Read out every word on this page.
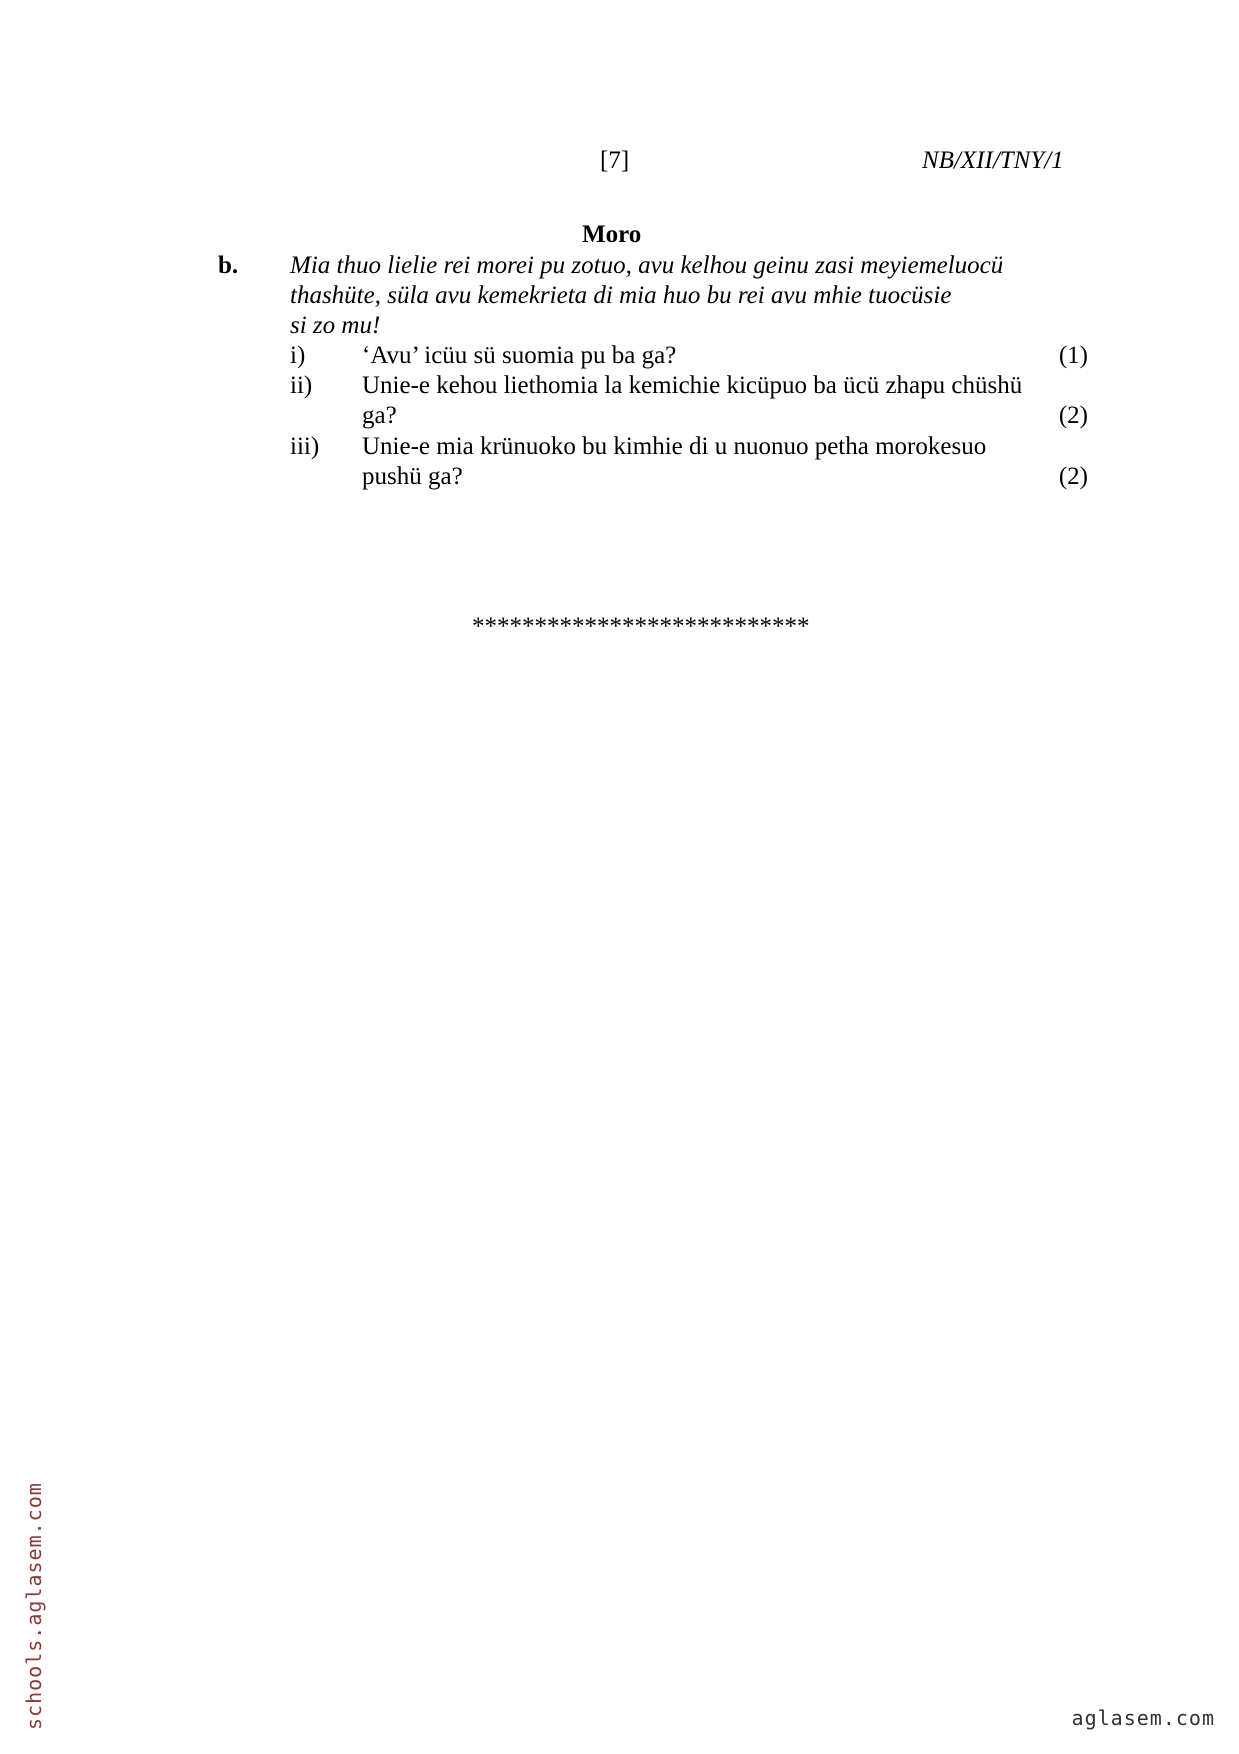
[7]	NB/XII/TNY/1
Moro
b. Mia thuo lielie rei morei pu zotuo, avu kelhou geinu zasi meyiemeluocü
thashüte, süla avu kemekrieta di mia huo bu rei avu mhie tuocüsie
si zo mu!
i) ‘Avu’ icüu sü suomia pu ba ga?	(1)
ii) Unie-e kehou liethomia la kemichie kicüpuo ba ücü zhapu chüshü
ga?	(2)
iii) Unie-e mia krünuoko bu kimhie di u nuonuo petha morokesuo
pushü ga?	(2)
***************************
schools.aglasem.com	aglasem.com
